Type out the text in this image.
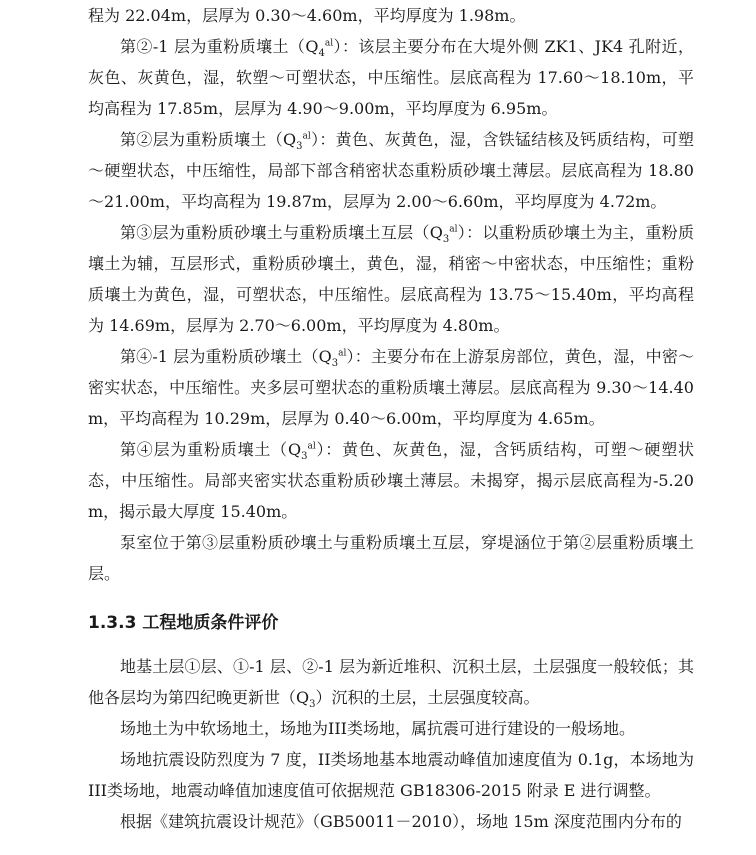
程为 22.04m，层厚为 0.30～4.60m，平均厚度为 1.98m。

第②-1 层为重粉质壤土$(Q_4^{al})$：该层主要分布在大堤外侧 ZK1、JK4 孔附近，灰色、灰黄色，湿，软塑～可塑状态，中压缩性。层底高程为 17.60～18.10m，平均高程为 17.85m，层厚为 4.90～9.00m，平均厚度为 6.95m。

第②层为重粉质壤土$(Q_3^{al})$：黄色、灰黄色，湿，含铁锰结核及钙质结构，可塑～硬塑状态，中压缩性，局部下部含稍密状态重粉质砂壤土薄层。层底高程为 18.80～21.00m，平均高程为 19.87m，层厚为 2.00～6.60m，平均厚度为 4.72m。

第③层为重粉质砂壤土与重粉质壤土互层$(Q_3^{al})$：以重粉质砂壤土为主，重粉质壤土为辅，互层形式，重粉质砂壤土，黄色，湿，稍密～中密状态，中压缩性；重粉质壤土为黄色，湿，可塑状态，中压缩性。层底高程为 13.75～15.40m，平均高程为 14.69m，层厚为 2.70～6.00m，平均厚度为 4.80m。

第④-1 层为重粉质砂壤土$(Q_3^{al})$：主要分布在上游泵房部位，黄色，湿，中密～密实状态，中压缩性。夹多层可塑状态的重粉质壤土薄层。层底高程为 9.30～14.40m，平均高程为 10.29m，层厚为 0.40～6.00m，平均厚度为 4.65m。

第④层为重粉质壤土$(Q_3^{al})$：黄色、灰黄色，湿，含钙质结构，可塑～硬塑状态，中压缩性。局部夹密实状态重粉质砂壤土薄层。未揭穿，揭示层底高程为-5.20m，揭示最大厚度 15.40m。

泵室位于第③层重粉质砂壤土与重粉质壤土互层，穿堤涵位于第②层重粉质壤土层。

1.3.3 工程地质条件评价

地基土层①层、①-1 层、②-1 层为新近堆积、沉积土层，土层强度一般较低；其他各层均为第四纪晚更新世$(Q_3)$沉积的土层，土层强度较高。

场地土为中软场地土，场地为III类场地，属抗震可进行建设的一般场地。

场地抗震设防烈度为 7 度，II类场地基本地震动峰值加速度值为 0.1g，本场地为III类场地，地震动峰值加速度值可依据规范 GB18306-2015 附录 E 进行调整。

根据《建筑抗震设计规范》（GB50011－2010），场地 15m 深度范围内分布的
